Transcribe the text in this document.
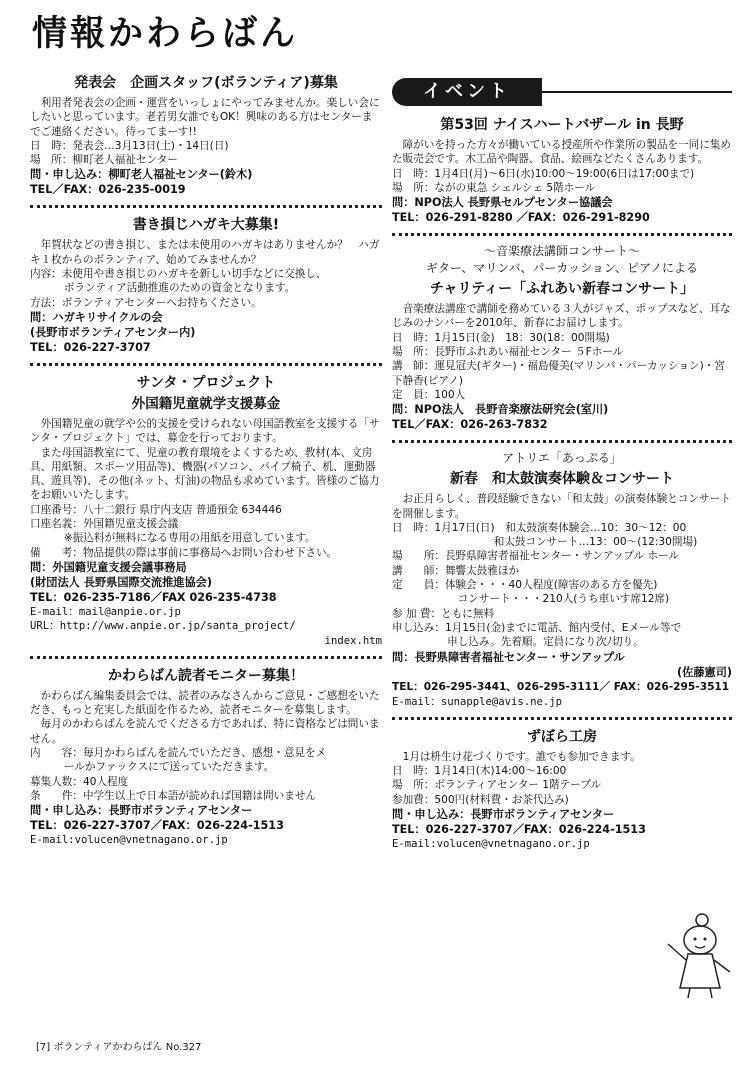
情報かわらばん
発表会　企画スタッフ(ボランティア)募集

利用者発表会の企画・運営をいっしょにやってみませんか。楽しい会にしたいと思っています。老若男女誰でもOK！興味のある方はセンターまでご連絡ください。待ってまーす!!

日　時：発表会…3月13日(土)・14日(日)

場　所：柳町老人福祉センター

問・申し込み：柳町老人福祉センター(鈴木)

TEL／FAX：026-235-0019

書き損じハガキ大募集!

年賀状などの書き損じ、または未使用のハガキはありませんか？　ハガキ１枚からのボランティア、始めてみませんか？

内容：未使用や書き損じのハガキを新しい切手などに交換し、

ボランティア活動推進のための資金となります。

方法：ボランティアセンターへお持ちください。

問：ハガキリサイクルの会

(長野市ボランティアセンター内)

TEL：026-227-3707

サンタ・プロジェクト
外国籍児童就学支援募金

外国籍児童の就学や公的支援を受けられない母国語教室を支援する「サンタ・プロジェクト」では、募金を行っております。

また母国語教室にて、児童の教育環境をよくするため、教材(本、文房具、用紙類、スポーツ用品等)、機器(パソコン、パイプ椅子、机、運動器具、遊具等)、その他(ネット、灯油)の物品も求めています。皆様のご協力をお願いいたします。

口座番号：八十二銀行 県庁内支店 普通預金 634446

口座名義：外国籍児童支援会議

※振込料が無料になる専用の用紙を用意しています。

備　　考：物品提供の際は事前に事務局へお問い合わせ下さい。

問：外国籍児童支援会議事務局

(財団法人 長野県国際交流推進協会)

TEL：026-235-7186／FAX 026-235-4738

E-mail：mail@anpie.or.jp

URL：http://www.anpie.or.jp/santa_project/

index.htm

かわらばん読者モニター募集！

かわらばん編集委員会では、読者のみなさんからご意見・ご感想をいただき、もっと充実した紙面を作るため、読者モニターを募集します。

毎月のかわらばんを読んでくださる方であれば、特に資格などは問いません。

内　　容：毎月かわらばんを読んでいただき、感想・意見をメ

ールかファックスにて送っていただきます。

募集人数：40人程度

条　　件：中学生以上で日本語が読めれば国籍は問いません

問・申し込み：長野市ボランティアセンター

TEL：026-227-3707／FAX：026-224-1513

E-mail:volucen@vnetnagano.or.jp

イベント
第53回 ナイスハートバザール in 長野

障がいを持った方々が働いている授産所や作業所の製品を一同に集めた販売会です。木工品や陶器、食品、絵画などたくさんあります。

日　時：1月4日(月)～6日(水)10:00～19:00(6日は17:00まで)

場　所：ながの東急 シェルシェ 5階ホール

問：NPO法人 長野県セルプセンター協議会

TEL：026-291-8280 ／FAX：026-291-8290

～音楽療法講師コンサート～
ギター、マリンバ、パーカッション、ピアノによる
チャリティー「ふれあい新春コンサート」

音楽療法講座で講師を務めている３人がジャズ、ポップスなど、耳なじみのナンバーを2010年、新春にお届けします。

日　時：1月15日(金)　18：30(18：00開場)

場　所：長野市ふれあい福祉センター ５Fホール

講　師：運見冠夫(ギター)・福島優美(マリンバ・パーカッション)・宮下静香(ピアノ)

定　員：100人

問：NPO法人　長野音楽療法研究会(室川)

TEL／FAX：026-263-7832

アトリエ「あっぷる」
新春　和太鼓演奏体験＆コンサート

お正月らしく、普段経験できない「和太鼓」の演奏体験とコンサートを開催します。

日　時：1月17日(日)　和太鼓演奏体験会…10：30～12：00

和太鼓コンサート…13：00～(12:30開場)

場　　所：長野県障害者福祉センター・サンアップル ホール

講　　師：舞響太鼓雅ほか

定　　員：体験会・・・40人程度(障害のある方を優先)

コンサート・・・210人(うち車いす席12席)

参 加 費：ともに無料

申し込み：1月15日(金)までに電話、館内受付、Eメール等で

申し込み。先着順。定員になり次ﾉ切り。

問：長野県障害者福祉センター・サンアップル

(佐藤憲司)

TEL：026-295-3441、026-295-3111／ FAX：026-295-3511

E-mail：sunapple@avis.ne.jp

ずぼら工房

1月は枡生け花づくりです。誰でも参加できます。

日　時：1月14日(木)14:00～16:00

場　所：ボランティアセンター 1階テーブル

参加費：500円(材料費・お茶代込み)

問・申し込み：長野市ボランティアセンター

TEL：026-227-3707／FAX：026-224-1513

E-mail:volucen@vnetnagano.or.jp

[7] ボランティアかわらばん No.327
